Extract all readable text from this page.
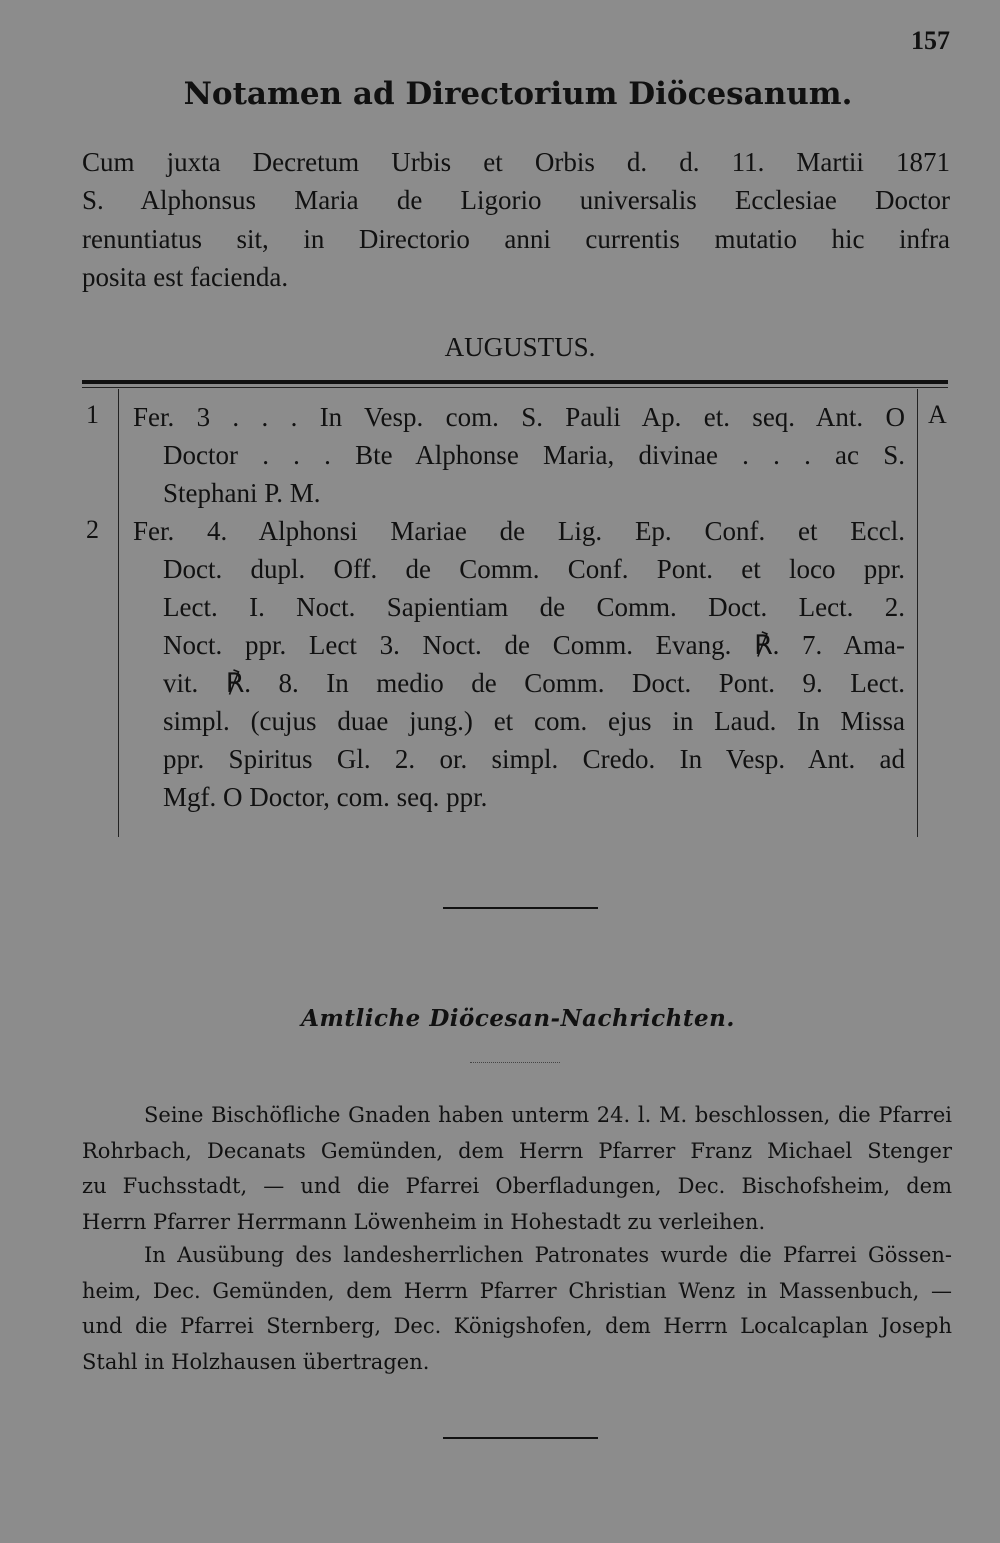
157
Notamen ad Directorium Diöcesanum.
Cum juxta Decretum Urbis et Orbis d. d. 11. Martii 1871
S. Alphonsus Maria de Ligorio universalis Ecclesiae Doctor
renuntiatus sit, in Directorio anni currentis mutatio hic infra
posita est facienda.
AUGUSTUS.
1	A
Fer. 3 . . . In Vesp. com. S. Pauli Ap. et. seq. Ant. O
Doctor . . . Bte Alphonse Maria, divinae . . . ac S.
Stephani P. M.
2 Fer. 4. Alphonsi Mariae de Lig. Ep. Conf. et Eccl.
Doct. dupl. Off. de Comm. Conf. Pont. et loco ppr.
Lect. I. Noct. Sapientiam de Comm. Doct. Lect. 2.
Noct. ppr. Lect 3. Noct. de Comm. Evang. ℟. 7. Ama-
vit. ℟. 8. In medio de Comm. Doct. Pont. 9. Lect.
simpl. (cujus duae jung.) et com. ejus in Laud. In Missa
ppr. Spiritus Gl. 2. or. simpl. Credo. In Vesp. Ant. ad
Mgf. O Doctor, com. seq. ppr.
Amtliche Diöcesan-Nachrichten.
Seine Bischöfliche Gnaden haben unterm 24. l. M. beschlossen, die Pfarrei
Rohrbach, Decanats Gemünden, dem Herrn Pfarrer Franz Michael Stenger
zu Fuchsstadt, — und die Pfarrei Oberfladungen, Dec. Bischofsheim, dem
Herrn Pfarrer Herrmann Löwenheim in Hohestadt zu verleihen.
In Ausübung des landesherrlichen Patronates wurde die Pfarrei Gössen-
heim, Dec. Gemünden, dem Herrn Pfarrer Christian Wenz in Massenbuch, —
und die Pfarrei Sternberg, Dec. Königshofen, dem Herrn Localcaplan Joseph
Stahl in Holzhausen übertragen.
